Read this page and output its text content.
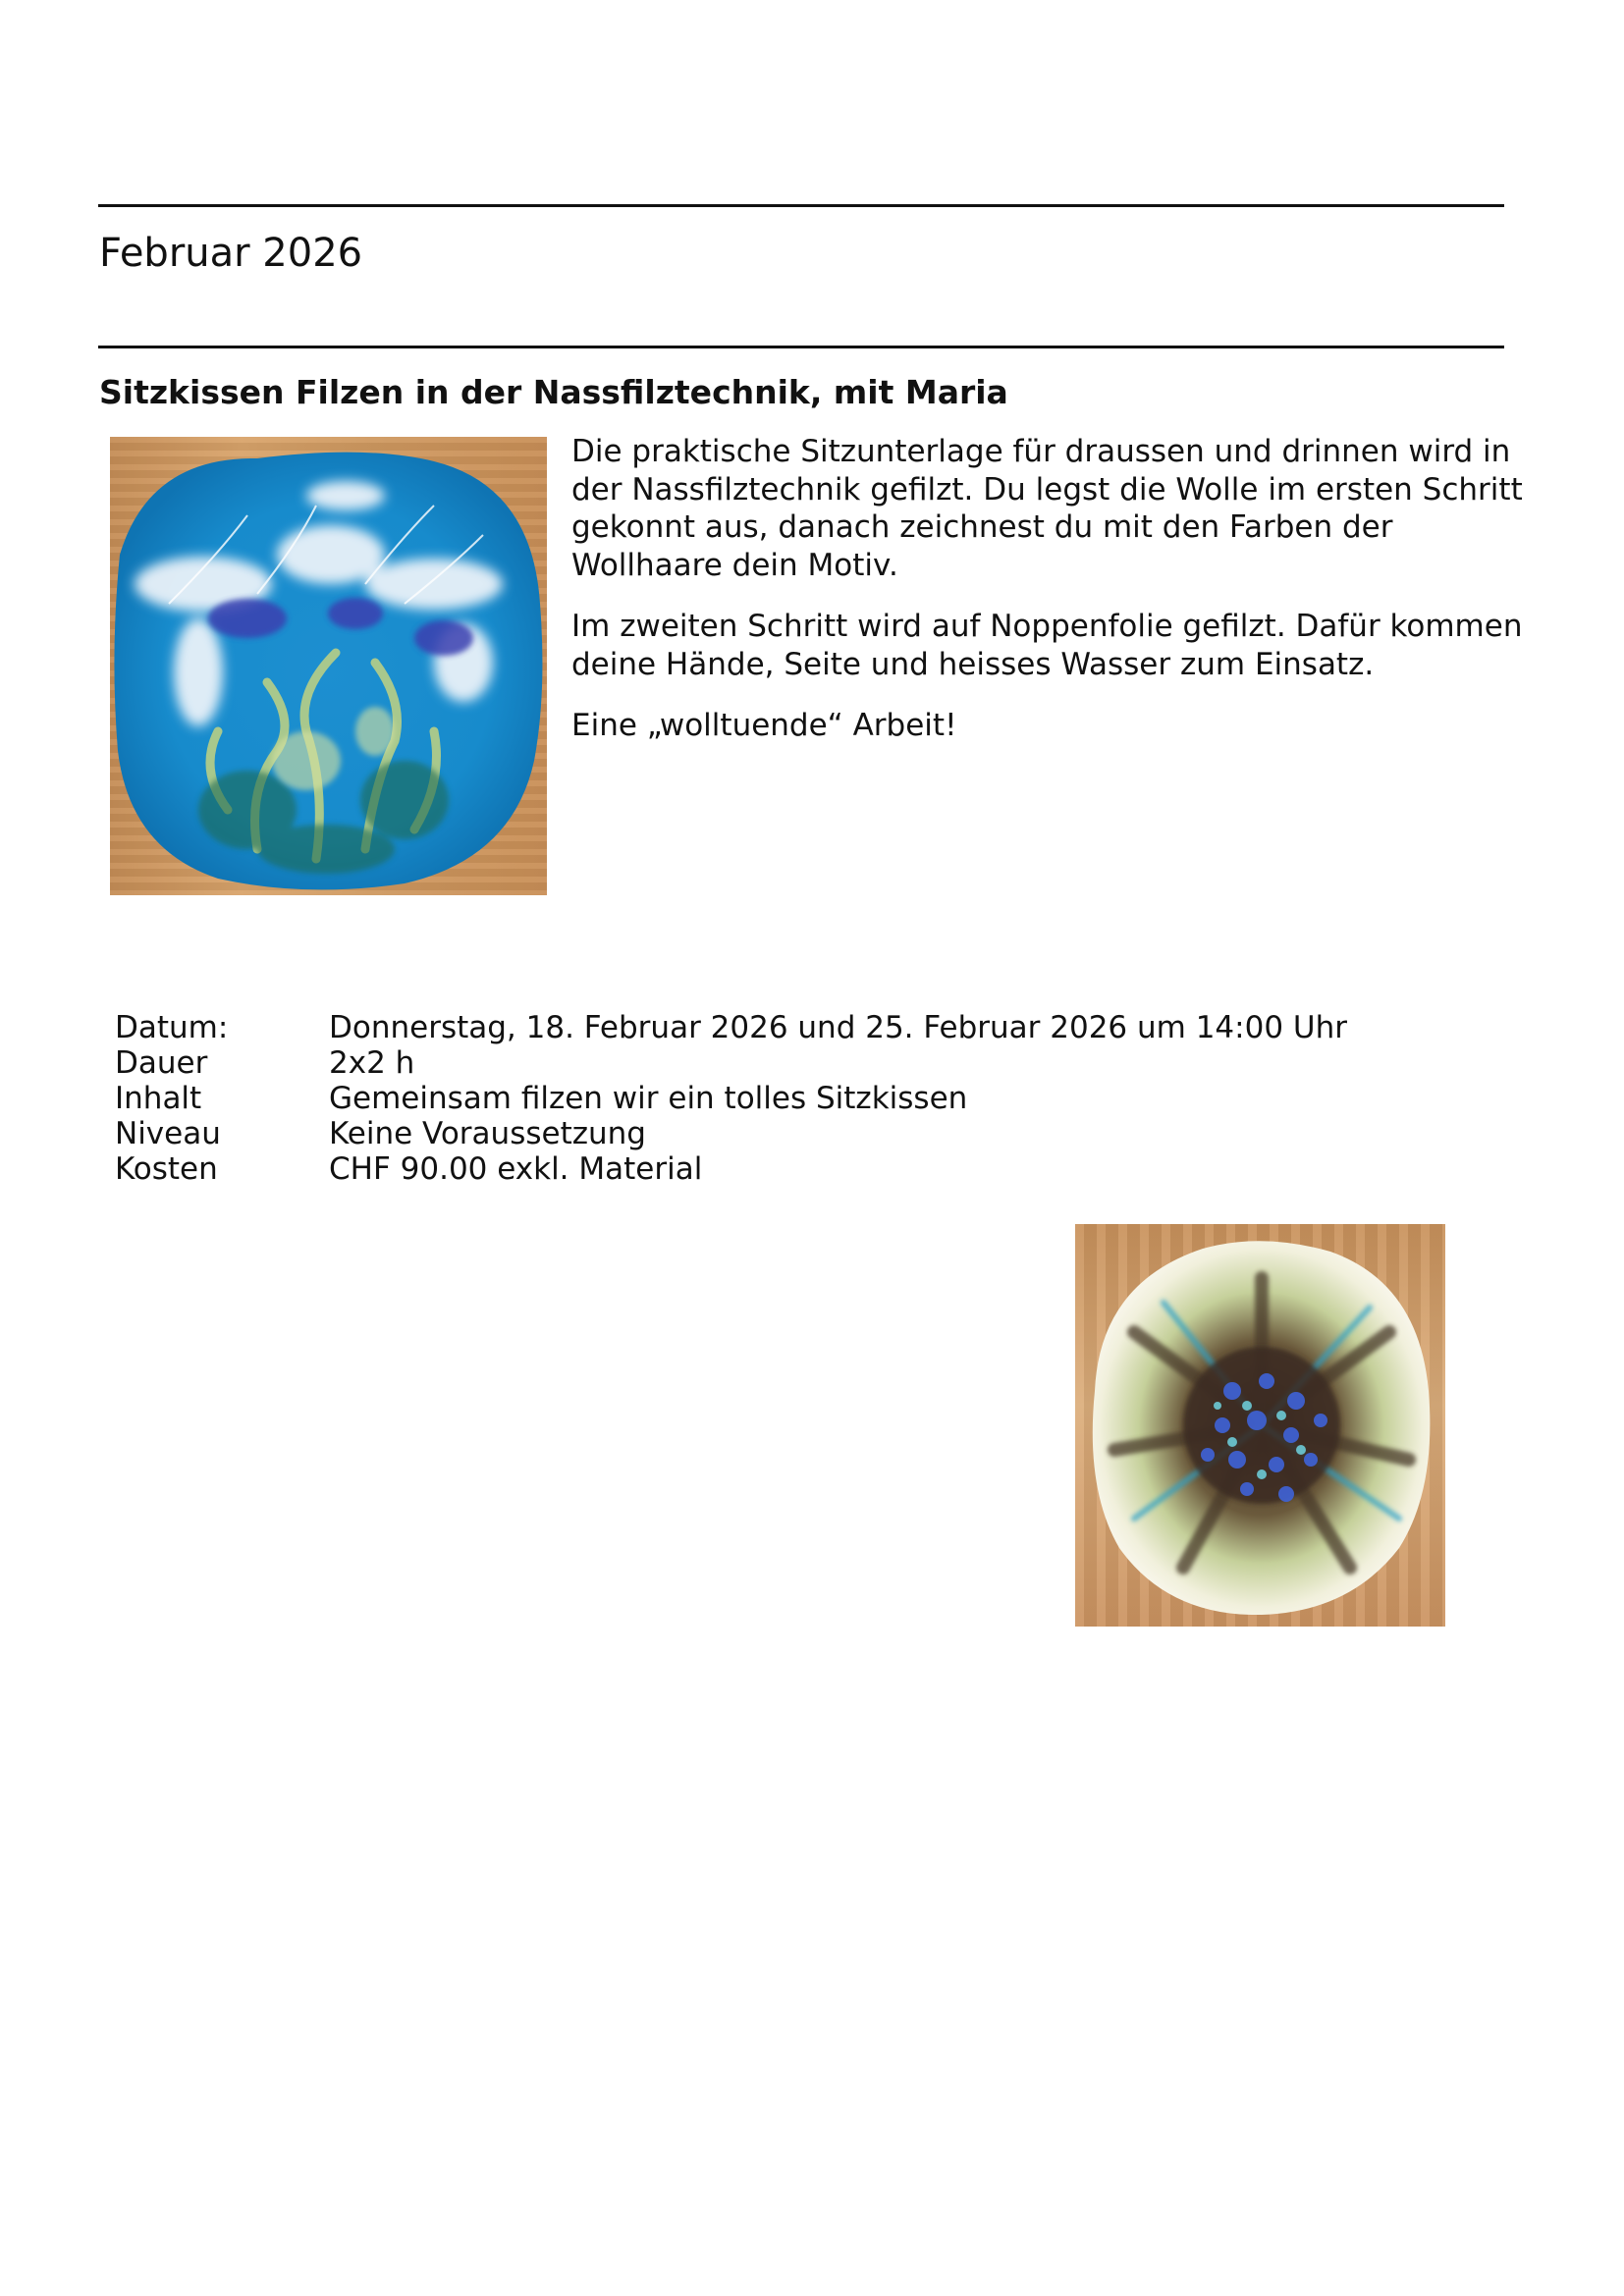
Februar 2026
Sitzkissen Filzen in der Nassfilztechnik, mit Maria

Die praktische Sitzunterlage für draussen und drinnen wird in der Nassfilztechnik gefilzt. Du legst die Wolle im ersten Schritt gekonnt aus, danach zeichnest du mit den Farben der Wollhaare dein Motiv.

Im zweiten Schritt wird auf Noppenfolie gefilzt. Dafür kommen deine Hände, Seite und heisses Wasser zum Einsatz.

Eine „wolltuende“ Arbeit!

Datum:	Donnerstag, 18. Februar 2026 und 25. Februar 2026 um 14:00 Uhr
Dauer	2x2 h
Inhalt	Gemeinsam filzen wir ein tolles Sitzkissen
Niveau	Keine Voraussetzung
Kosten	CHF 90.00 exkl. Material
